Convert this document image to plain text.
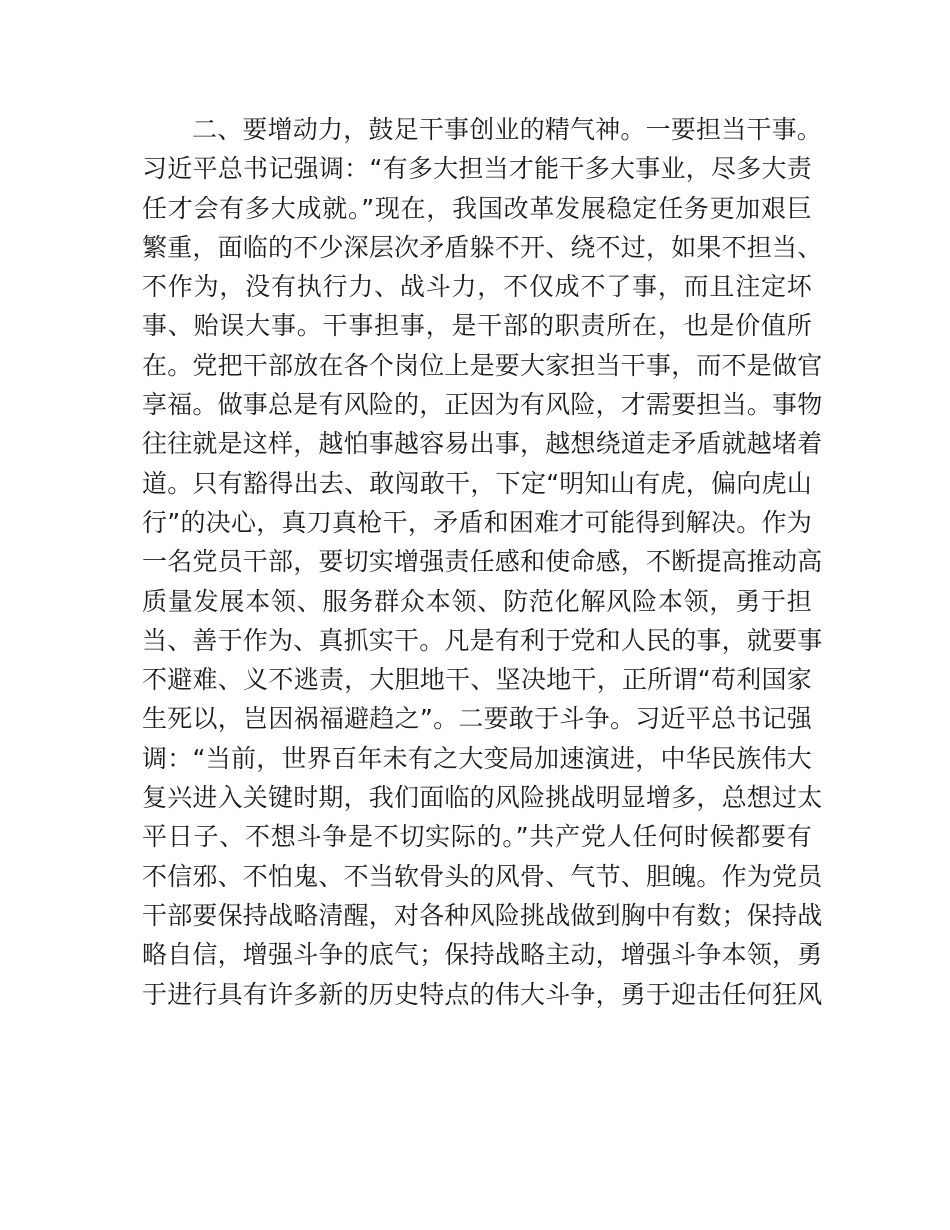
二、要增动力，鼓足干事创业的精气神。一要担当干事。
习近平总书记强调：“有多大担当才能干多大事业，尽多大责
任才会有多大成就。”现在，我国改革发展稳定任务更加艰巨
繁重，面临的不少深层次矛盾躲不开、绕不过，如果不担当、
不作为，没有执行力、战斗力，不仅成不了事，而且注定坏
事、贻误大事。干事担事，是干部的职责所在，也是价值所
在。党把干部放在各个岗位上是要大家担当干事，而不是做官
享福。做事总是有风险的，正因为有风险，才需要担当。事物
往往就是这样，越怕事越容易出事，越想绕道走矛盾就越堵着
道。只有豁得出去、敢闯敢干，下定“明知山有虎，偏向虎山
行”的决心，真刀真枪干，矛盾和困难才可能得到解决。作为
一名党员干部，要切实增强责任感和使命感，不断提高推动高
质量发展本领、服务群众本领、防范化解风险本领，勇于担
当、善于作为、真抓实干。凡是有利于党和人民的事，就要事
不避难、义不逃责，大胆地干、坚决地干，正所谓“苟利国家
生死以，岂因祸福避趋之”。二要敢于斗争。习近平总书记强
调：“当前，世界百年未有之大变局加速演进，中华民族伟大
复兴进入关键时期，我们面临的风险挑战明显增多，总想过太
平日子、不想斗争是不切实际的。”共产党人任何时候都要有
不信邪、不怕鬼、不当软骨头的风骨、气节、胆魄。作为党员
干部要保持战略清醒，对各种风险挑战做到胸中有数；保持战
略自信，增强斗争的底气；保持战略主动，增强斗争本领，勇
于进行具有许多新的历史特点的伟大斗争，勇于迎击任何狂风
